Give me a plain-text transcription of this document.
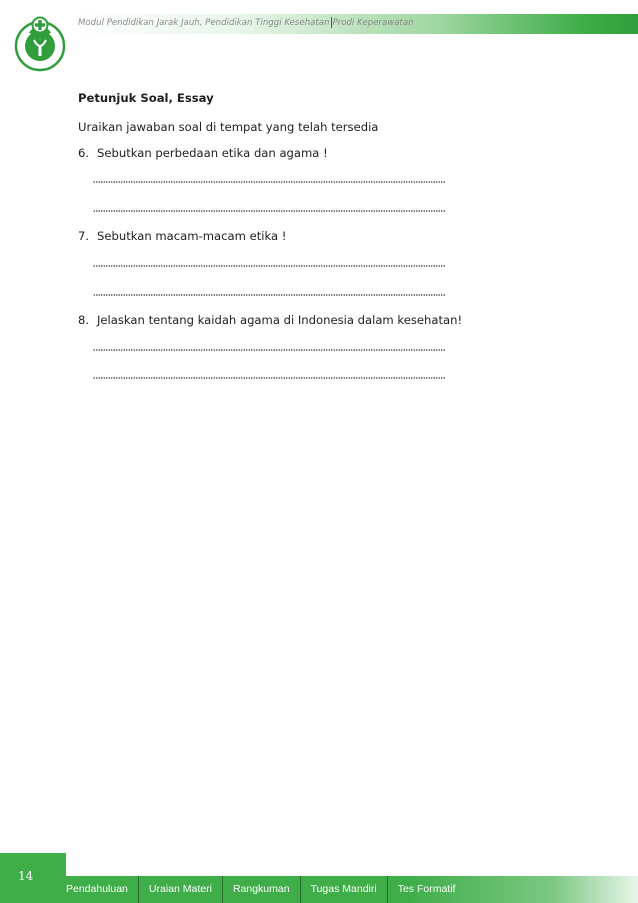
Modul Pendidikan Jarak Jauh, Pendidikan Tinggi Kesehatan Prodi Keperawatan
Petunjuk Soal, Essay
Uraikan jawaban soal di tempat yang telah tersedia
6. Sebutkan perbedaan etika dan agama !
7. Sebutkan macam-macam etika !
8. Jelaskan tentang kaidah agama di Indonesia dalam kesehatan!
14
Pendahuluan	Uraian Materi	Rangkuman	Tugas Mandiri	Tes Formatif
